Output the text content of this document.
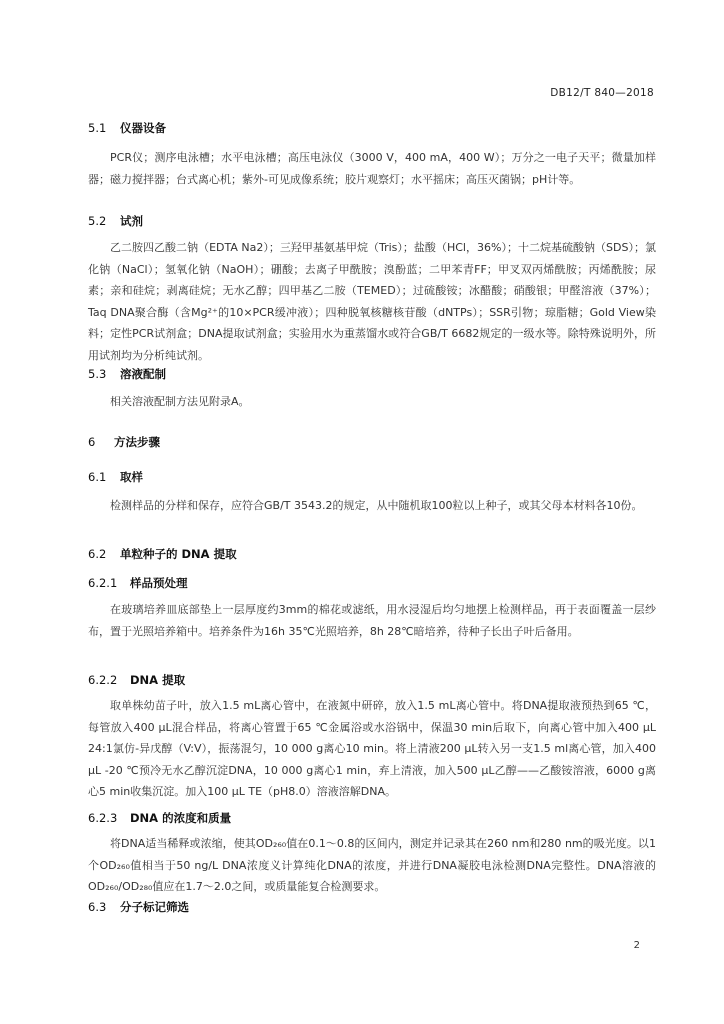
DB12/T 840—2018
5.1 仪器设备
PCR仪；测序电泳槽；水平电泳槽；高压电泳仪（3000 V，400 mA，400 W）；万分之一电子天平；微量加样器；磁力搅拌器；台式离心机；紫外-可见成像系统；胶片观察灯；水平摇床；高压灭菌锅；pH计等。
5.2 试剂
乙二胺四乙酸二钠（EDTA Na2）；三羟甲基氨基甲烷（Tris）；盐酸（HCl，36%）；十二烷基硫酸钠（SDS）；氯化钠（NaCl）；氢氧化钠（NaOH）；硼酸；去离子甲酰胺；溴酚蓝；二甲苯青FF；甲叉双丙烯酰胺；丙烯酰胺；尿素；亲和硅烷；剥离硅烷；无水乙醇；四甲基乙二胺（TEMED）；过硫酸铵；冰醋酸；硝酸银；甲醛溶液（37%）；Taq DNA聚合酶（含Mg²⁺的10×PCR缓冲液）；四种脱氧核糖核苷酸（dNTPs）；SSR引物；琼脂糖；Gold View染料；定性PCR试剂盒；DNA提取试剂盒；实验用水为重蒸馏水或符合GB/T 6682规定的一级水等。除特殊说明外，所用试剂均为分析纯试剂。
5.3 溶液配制
相关溶液配制方法见附录A。
6 方法步骤
6.1 取样
检测样品的分样和保存，应符合GB/T 3543.2的规定，从中随机取100粒以上种子，或其父母本材料各10份。
6.2 单粒种子的 DNA 提取
6.2.1 样品预处理
在玻璃培养皿底部垫上一层厚度约3mm的棉花或滤纸，用水浸湿后均匀地摆上检测样品，再于表面覆盖一层纱布，置于光照培养箱中。培养条件为16h 35℃光照培养，8h 28℃暗培养，待种子长出子叶后备用。
6.2.2 DNA 提取
取单株幼苗子叶，放入1.5 mL离心管中，在液氮中研碎，放入1.5 mL离心管中。将DNA提取液预热到65 ℃，每管放入400 μL混合样品，将离心管置于65 ℃金属浴或水浴锅中，保温30 min后取下，向离心管中加入400 μL 24:1氯仿-异戊醇（V:V），振荡混匀，10 000 g离心10 min。将上清液200 μL转入另一支1.5 ml离心管，加入400 μL -20 ℃预冷无水乙醇沉淀DNA，10 000 g离心1 min，弃上清液，加入500 μL乙醇——乙酸铵溶液，6000 g离心5 min收集沉淀。加入100 μL TE（pH8.0）溶液溶解DNA。
6.2.3 DNA 的浓度和质量
将DNA适当稀释或浓缩，使其OD₂₆₀值在0.1～0.8的区间内，测定并记录其在260 nm和280 nm的吸光度。以1个OD₂₆₀值相当于50 ng/L DNA浓度义计算纯化DNA的浓度，并进行DNA凝胶电泳检测DNA完整性。DNA溶液的OD₂₆₀/OD₂₈₀值应在1.7～2.0之间，或质量能复合检测要求。
6.3 分子标记筛选
2
